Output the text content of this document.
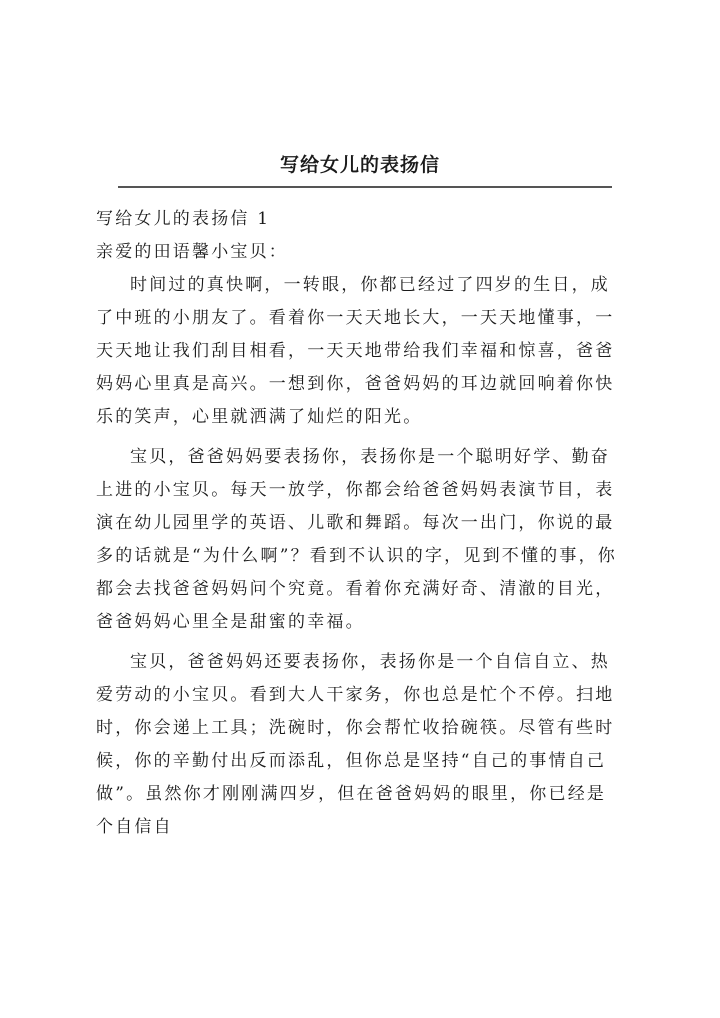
写给女儿的表扬信

写给女儿的表扬信 1

亲爱的田语馨小宝贝：

时间过的真快啊，一转眼，你都已经过了四岁的生日，成了中班的小朋友了。看着你一天天地长大，一天天地懂事，一天天地让我们刮目相看，一天天地带给我们幸福和惊喜，爸爸妈妈心里真是高兴。一想到你，爸爸妈妈的耳边就回响着你快乐的笑声，心里就洒满了灿烂的阳光。

宝贝，爸爸妈妈要表扬你，表扬你是一个聪明好学、勤奋上进的小宝贝。每天一放学，你都会给爸爸妈妈表演节目，表演在幼儿园里学的英语、儿歌和舞蹈。每次一出门，你说的最多的话就是“为什么啊”？看到不认识的字，见到不懂的事，你都会去找爸爸妈妈问个究竟。看着你充满好奇、清澈的目光，爸爸妈妈心里全是甜蜜的幸福。

宝贝，爸爸妈妈还要表扬你，表扬你是一个自信自立、热爱劳动的小宝贝。看到大人干家务，你也总是忙个不停。扫地时，你会递上工具；洗碗时，你会帮忙收拾碗筷。尽管有些时候，你的辛勤付出反而添乱，但你总是坚持“自己的事情自己做”。虽然你才刚刚满四岁，但在爸爸妈妈的眼里，你已经是个自信自
